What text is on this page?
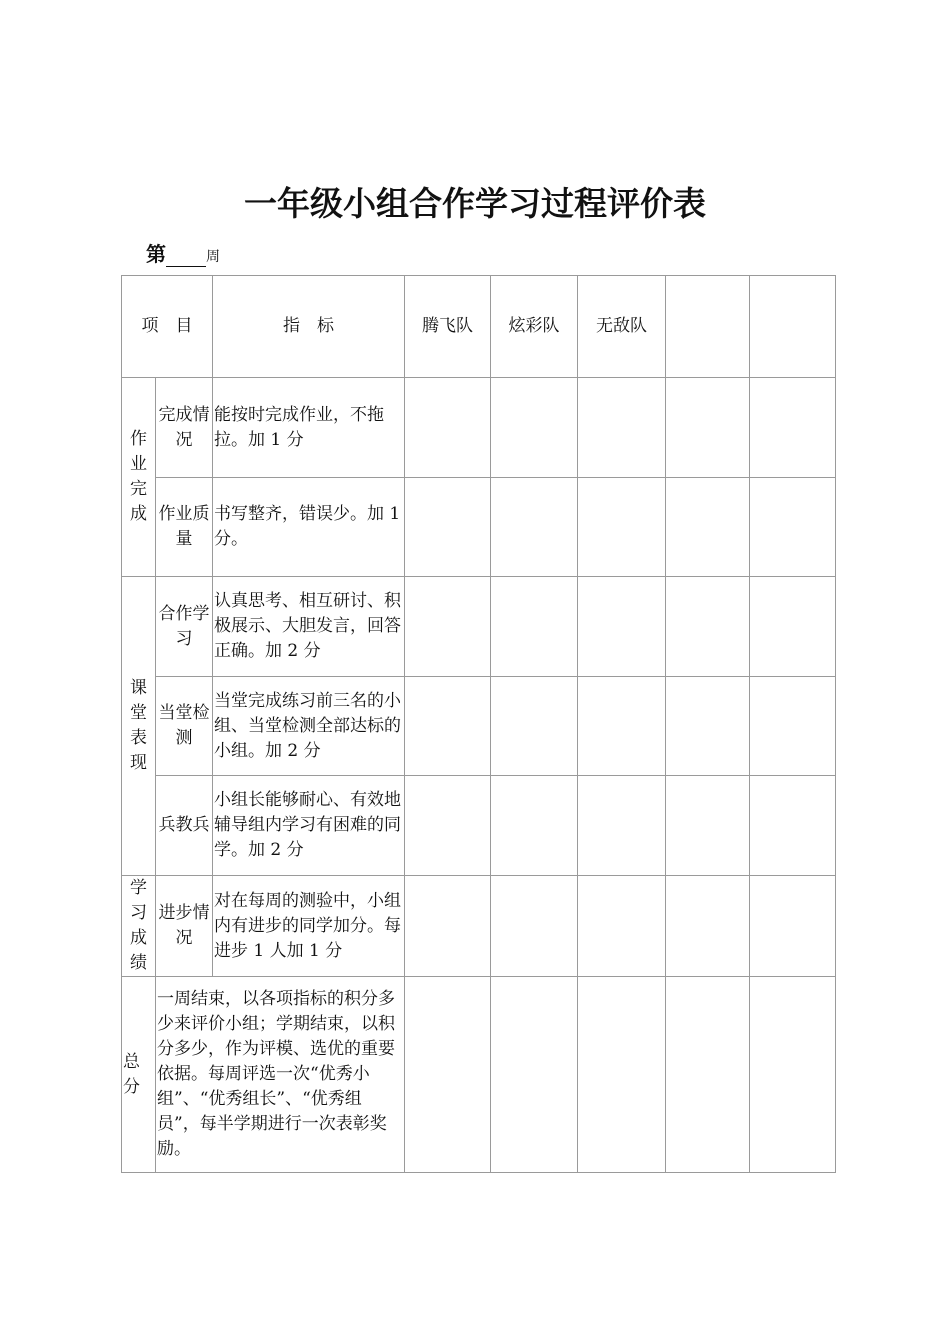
一年级小组合作学习过程评价表
第	周
项　目		指　标	腾飞队	炫彩队	无敌队		

作业完成	完成情况	能按时完成作业，不拖拉。加 1 分					
	作业质量	书写整齐，错误少。加 1 分。					

课堂表现	合作学习	认真思考、相互研讨、积极展示、大胆发言，回答正确。加 2 分					
	当堂检测	当堂完成练习前三名的小组、当堂检测全部达标的小组。加 2 分					
	兵教兵	小组长能够耐心、有效地辅导组内学习有困难的同学。加 2 分					

学习成绩	进步情况	对在每周的测验中，小组内有进步的同学加分。每进步 1 人加 1 分					

总分	一周结束，以各项指标的积分多少来评价小组；学期结束，以积分多少，作为评模、选优的重要依据。每周评选一次“优秀小组”、“优秀组长”、“优秀组员”，每半学期进行一次表彰奖励。						
